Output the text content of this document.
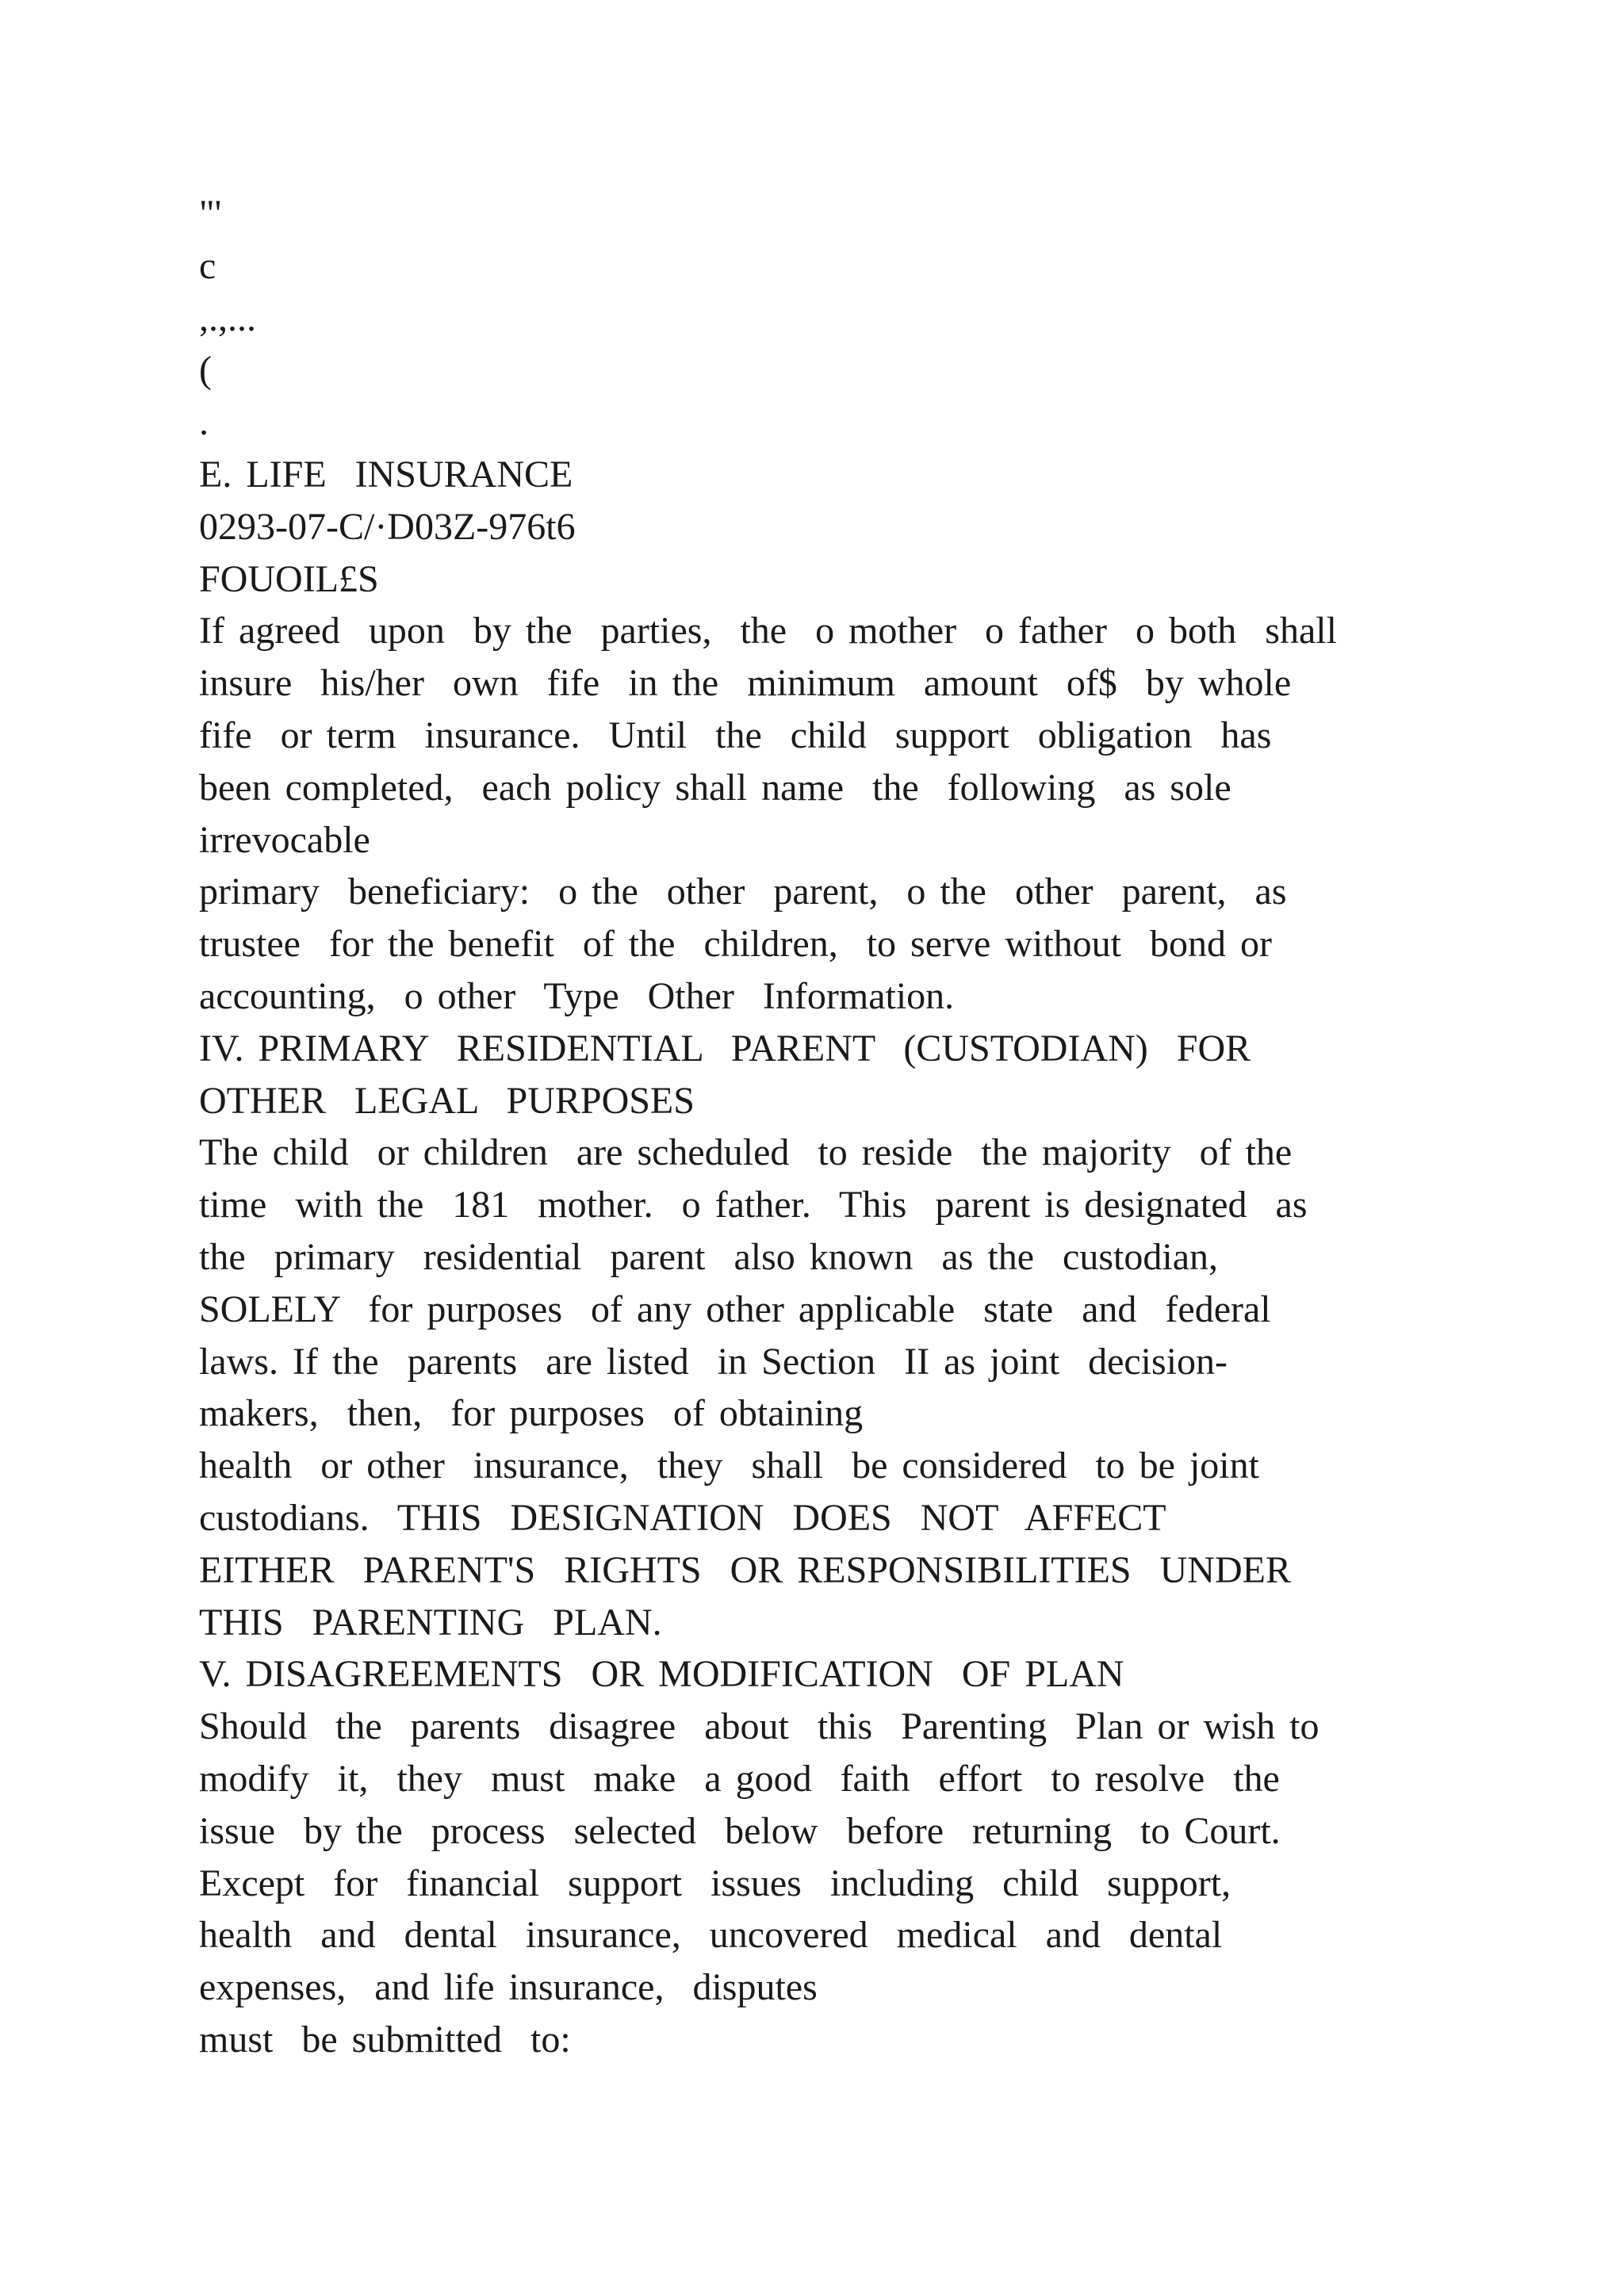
"'
c
,.,...
(
.
E. LIFE  INSURANCE
0293-07-C/·D03Z-976t6
FOUOIL£S
If agreed  upon  by the  parties,  the  o mother  o father  o both  shall
insure  his/her  own  fife  in the  minimum  amount  of$  by whole
fife  or term  insurance.  Until  the  child  support  obligation  has
been completed,  each policy shall name  the  following  as sole
irrevocable
primary  beneficiary:  o the  other  parent,  o the  other  parent,  as
trustee  for the benefit  of the  children,  to serve without  bond or
accounting,  o other  Type  Other  Information.
IV. PRIMARY  RESIDENTIAL  PARENT  (CUSTODIAN)  FOR
OTHER  LEGAL  PURPOSES
The child  or children  are scheduled  to reside  the majority  of the
time  with the  181  mother.  o father.  This  parent is designated  as
the  primary  residential  parent  also known  as the  custodian,
SOLELY  for purposes  of any other applicable  state  and  federal
laws. If the  parents  are listed  in Section  II as joint  decision-
makers,  then,  for purposes  of obtaining
health  or other  insurance,  they  shall  be considered  to be joint
custodians.  THIS  DESIGNATION  DOES  NOT  AFFECT
EITHER  PARENT'S  RIGHTS  OR RESPONSIBILITIES  UNDER
THIS  PARENTING  PLAN.
V. DISAGREEMENTS  OR MODIFICATION  OF PLAN
Should  the  parents  disagree  about  this  Parenting  Plan or wish to
modify  it,  they  must  make  a good  faith  effort  to resolve  the
issue  by the  process  selected  below  before  returning  to Court.
Except  for  financial  support  issues  including  child  support,
health  and  dental  insurance,  uncovered  medical  and  dental
expenses,  and life insurance,  disputes
must  be submitted  to:
